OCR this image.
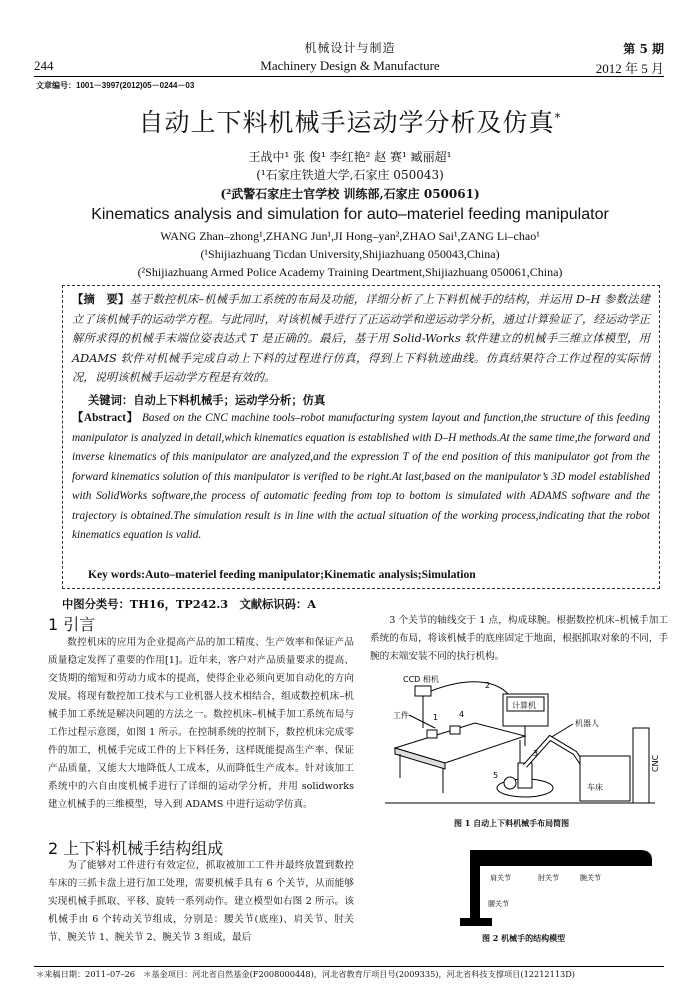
机械设计与制造
244	Machinery Design & Manufacture
第 5 期
2012 年 5 月
文章编号：1001－3997(2012)05－0244－03
自动上下料机械手运动学分析及仿真*
王战中¹ 张 俊¹ 李红艳² 赵 赛¹ 臧丽超¹
(¹石家庄铁道大学,石家庄 050043)
(²武警石家庄士官学校 训练部,石家庄 050061)
Kinematics analysis and simulation for auto–materiel feeding manipulator
WANG Zhan–zhong¹,ZHANG Jun¹,JI Hong–yan²,ZHAO Sai¹,ZANG Li–chao¹
(¹Shijiazhuang Ticdan University,Shijiazhuang 050043,China)
(²Shijiazhuang Armed Police Academy Training Deartment,Shijiazhuang 050061,China)
【摘　要】基于数控机床–机械手加工系统的布局及功能，详细分析了上下料机械手的结构，并运用 D–H 参数法建立了该机械手的运动学方程。与此同时，对该机械手进行了正运动学和逆运动学分析，通过计算验证了，经运动学正解所求得的机械手末端位姿表达式 T 是正确的。最后，基于用 Solid-Works 软件建立的机械手三维立体模型，用 ADAMS 软件对机械手完成自动上下料的过程进行仿真，得到上下料轨迹曲线。仿真结果符合工作过程的实际情况，说明该机械手运动学方程是有效的。
关键词：自动上下料机械手；运动学分析；仿真
【Abstract】 Based on the CNC machine tools–robot manufacturing system layout and function,the structure of this feeding manipulator is analyzed in detail,which kinematics equation is established with D–H methods.At the same time,the forward and inverse kinematics of this manipulator are analyzed,and the expression T of the end position of this manipulator got from the forward kinematics solution of this manipulator is verified to be right.At last,based on the manipulator’s 3D model established with SolidWorks software,the process of automatic feeding from top to bottom is simulated with ADAMS software and the trajectory is obtained.The simulation result is in line with the actual situation of the working process,indicating that the robot kinematics equation is valid.
Key words:Auto–materiel feeding manipulator;Kinematic analysis;Simulation
中图分类号：TH16，TP242.3　文献标识码：A
1 引言
数控机床的应用为企业提高产品的加工精度、生产效率和保证产品质量稳定发挥了重要的作用[1]。近年来，客户对产品质量要求的提高、交货期的缩短和劳动力成本的提高，使得企业必须向更加自动化的方向发展。将现有数控加工技术与工业机器人技术相结合，组成数控机床–机械手加工系统是解决问题的方法之一。数控机床–机械手加工系统布局与工作过程示意图，如图 1 所示。在控制系统的控制下，数控机床完成零件的加工，机械手完成工件的上下料任务，这样既能提高生产率、保证产品质量，又能大大地降低人工成本，从而降低生产成本。针对该加工系统中的六自由度机械手进行了详细的运动学分析，并用 solidworks 建立机械手的三维模型，导入到 ADAMS 中进行运动学仿真。
2 上下料机械手结构组成
为了能够对工件进行有效定位，抓取被加工工件并最终放置到数控车床的三抓卡盘上进行加工处理，需要机械手具有 6 个关节，从而能够实现机械手抓取、平移、旋转一系列动作。建立模型如右图 2 所示。该机械手由 6 个转动关节组成，分别是：腰关节(底座)、肩关节、肘关节、腕关节 1、腕关节 2、腕关节 3 组成，最后
3 个关节的轴线交于 1 点，构成球腕。根据数控机床–机械手加工系统的布局，将该机械手的底座固定于地面，根据抓取对象的不同，手腕的末端安装不同的执行机构。
CCD 相机
2
计算机
工件	1	4
机器人
3
5
车床
CNC
图 1 自动上下料机械手布局简图
肩关节	肘关节	腕关节
腰关节
图 2 机械手的结构模型
＊来稿日期：2011–07–26　＊基金项目：河北省自然基金(F2008000448)，河北省教育厅项目号(2009335)，河北省科技支撑项目(12212113D)
